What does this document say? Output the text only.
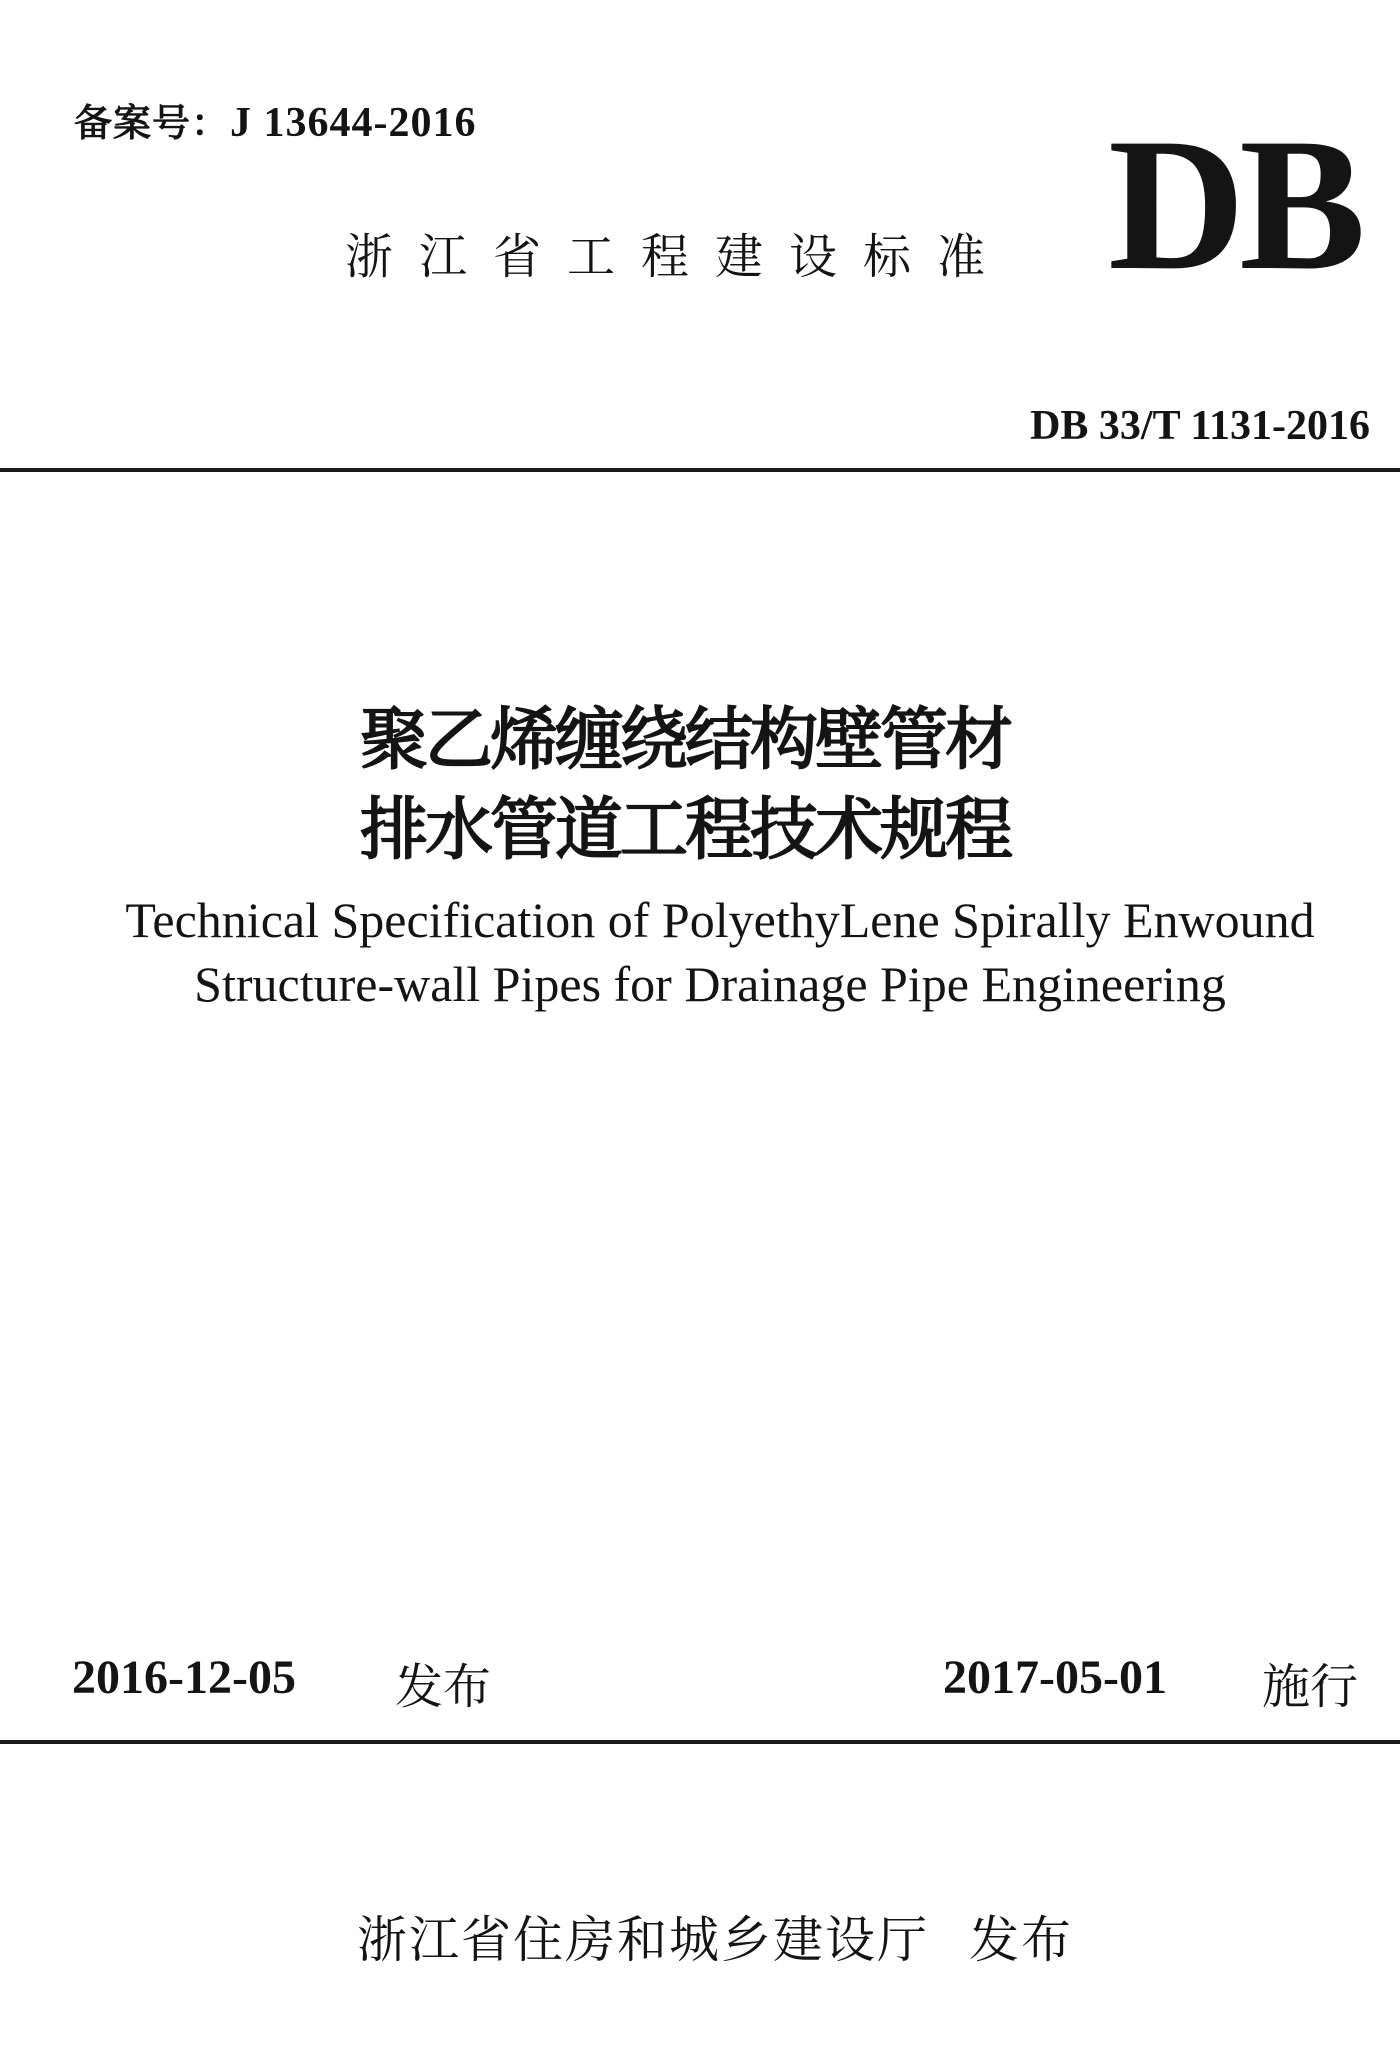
备案号：J 13644-2016
浙江省工程建设标准 DB
DB 33/T 1131-2016
聚乙烯缠绕结构壁管材
排水管道工程技术规程
Technical Specification of PolyethyLene Spirally Enwound
Structure-wall Pipes for Drainage Pipe Engineering
2016-12-05 发布	2017-05-01 施行
浙江省住房和城乡建设厅 发布
